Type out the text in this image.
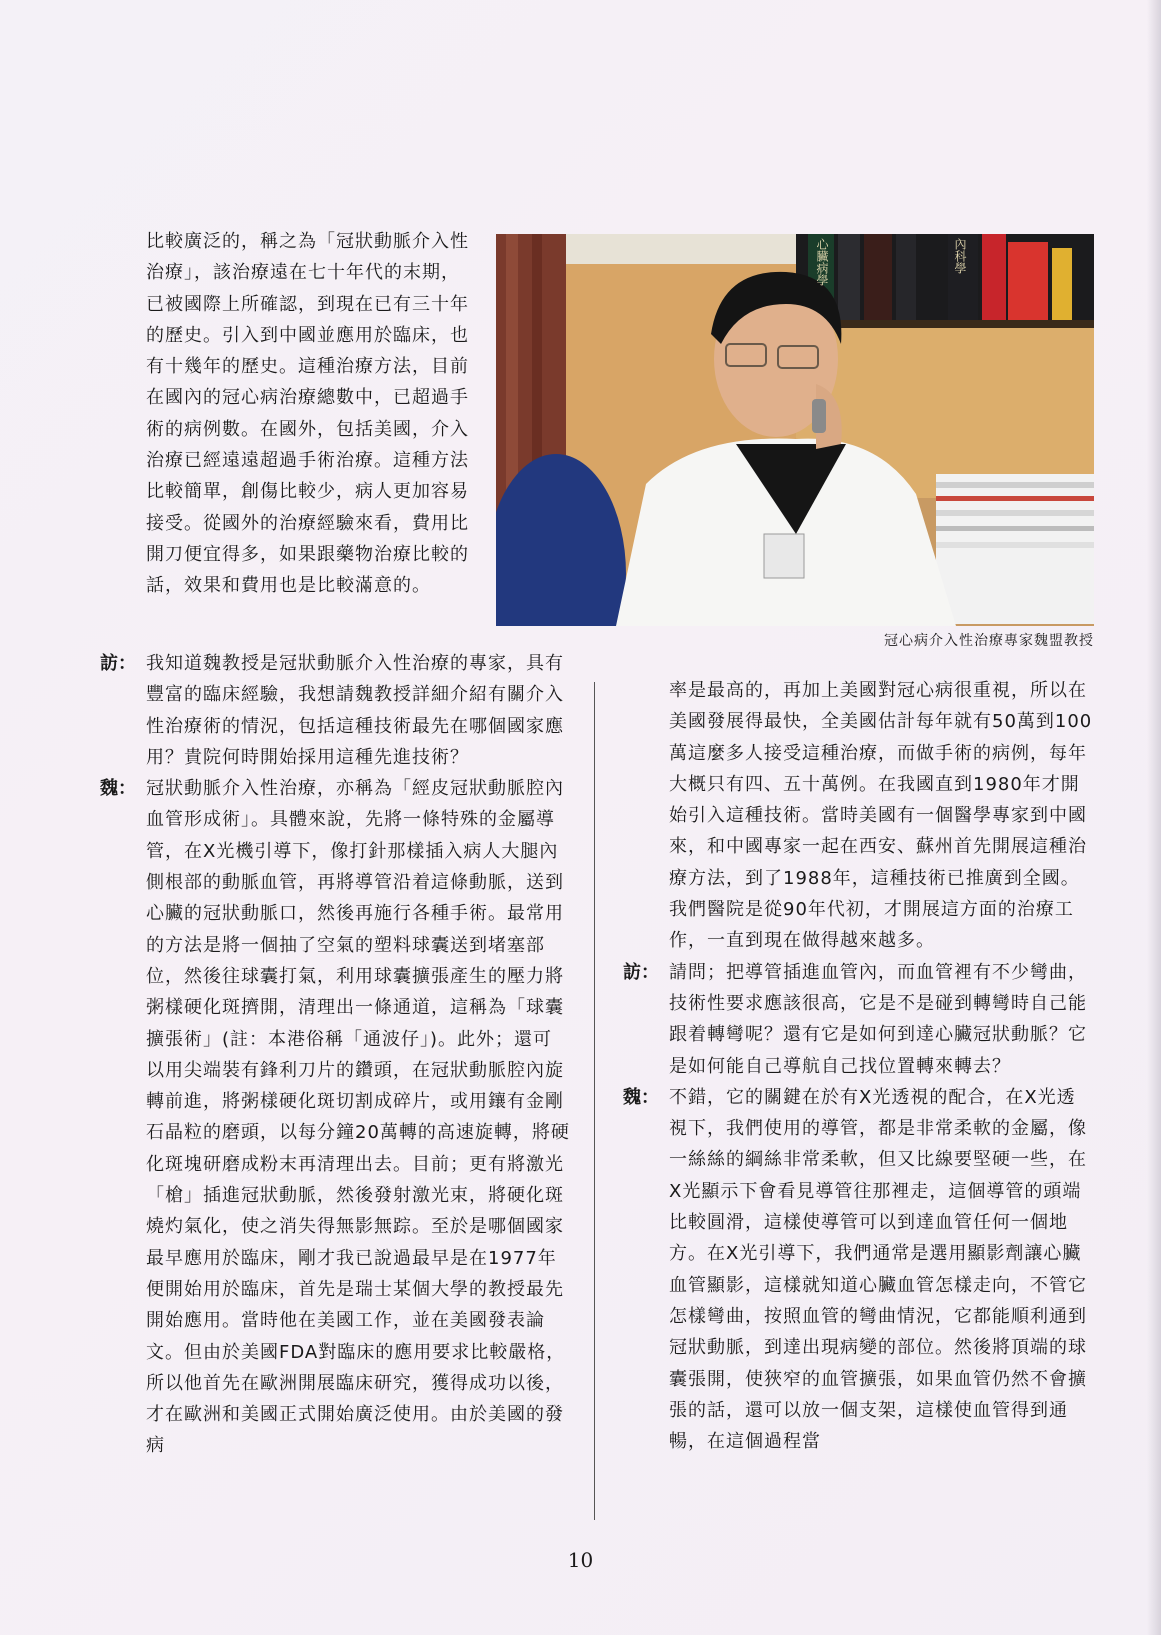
比較廣泛的，稱之為「冠狀動脈介入性治療」，該治療遠在七十年代的末期，已被國際上所確認，到現在已有三十年的歷史。引入到中國並應用於臨床，也有十幾年的歷史。這種治療方法，目前在國內的冠心病治療總數中，已超過手術的病例數。在國外，包括美國，介入治療已經遠遠超過手術治療。這種方法比較簡單，創傷比較少，病人更加容易接受。從國外的治療經驗來看，費用比開刀便宜得多，如果跟藥物治療比較的話，效果和費用也是比較滿意的。

心臟病學	內科學
冠心病介入性治療專家魏盟教授

訪 ：	我知道魏教授是冠狀動脈介入性治療的專家，具有豐富的臨床經驗，我想請魏教授詳細介紹有關介入性治療術的情況，包括這種技術最先在哪個國家應用？貴院何時開始採用這種先進技術？

魏 ：	冠狀動脈介入性治療，亦稱為「經皮冠狀動脈腔內血管形成術」。具體來說，先將一條特殊的金屬導管，在X光機引導下，像打針那樣插入病人大腿內側根部的動脈血管，再將導管沿着這條動脈，送到心臟的冠狀動脈口，然後再施行各種手術。最常用的方法是將一個抽了空氣的塑料球囊送到堵塞部位，然後往球囊打氣，利用球囊擴張產生的壓力將粥樣硬化斑擠開，清理出一條通道，這稱為「球囊擴張術」(註：本港俗稱「通波仔」)。此外；還可以用尖端裝有鋒利刀片的鑽頭，在冠狀動脈腔內旋轉前進，將粥樣硬化斑切割成碎片，或用鑲有金剛石晶粒的磨頭，以每分鐘20萬轉的高速旋轉，將硬化斑塊研磨成粉末再清理出去。目前；更有將激光「槍」插進冠狀動脈，然後發射激光束，將硬化斑燒灼氣化，使之消失得無影無踪。至於是哪個國家最早應用於臨床，剛才我已說過最早是在1977年便開始用於臨床，首先是瑞士某個大學的教授最先開始應用。當時他在美國工作，並在美國發表論文。但由於美國FDA對臨床的應用要求比較嚴格，所以他首先在歐洲開展臨床研究，獲得成功以後，才在歐洲和美國正式開始廣泛使用。由於美國的發病

率是最高的，再加上美國對冠心病很重視，所以在美國發展得最快，全美國估計每年就有50萬到100萬這麼多人接受這種治療，而做手術的病例，每年大概只有四、五十萬例。在我國直到1980年才開始引入這種技術。當時美國有一個醫學專家到中國來，和中國專家一起在西安、蘇州首先開展這種治療方法，到了1988年，這種技術已推廣到全國。我們醫院是從90年代初，才開展這方面的治療工作，一直到現在做得越來越多。

訪 ：	請問；把導管插進血管內，而血管裡有不少彎曲，技術性要求應該很高，它是不是碰到轉彎時自己能跟着轉彎呢？還有它是如何到達心臟冠狀動脈？它是如何能自己導航自己找位置轉來轉去？

魏 ：	不錯，它的關鍵在於有X光透視的配合，在X光透視下，我們使用的導管，都是非常柔軟的金屬，像一絲絲的綱絲非常柔軟，但又比線要堅硬一些，在X光顯示下會看見導管往那裡走，這個導管的頭端比較圓滑，這樣使導管可以到達血管任何一個地方。在X光引導下，我們通常是選用顯影劑讓心臟血管顯影，這樣就知道心臟血管怎樣走向，不管它怎樣彎曲，按照血管的彎曲情況，它都能順利通到冠狀動脈，到達出現病變的部位。然後將頂端的球囊張開，使狹窄的血管擴張，如果血管仍然不會擴張的話，還可以放一個支架，這樣使血管得到通暢，在這個過程當

10
